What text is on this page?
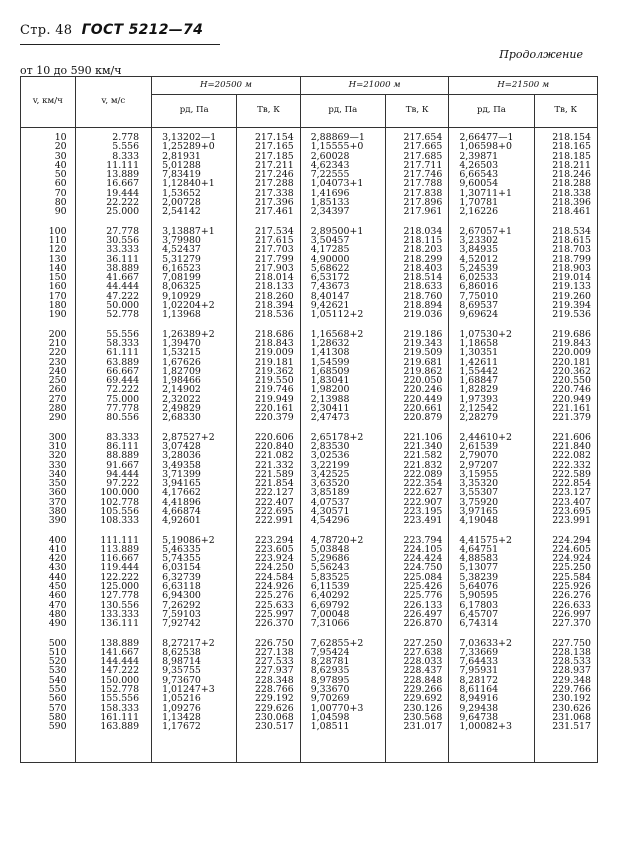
Стр. 48 ГОСТ 5212—74
Продолжение
от 10 до 590 км/ч
v, км/ч	v, м/с	H=20500 м		H=21000 м		H=21500 м	
		pд, Па	Tв, К	pд, Па	Tв, К	pд, Па	Tв, К
10	2.778	3,13202—1	217.154	2,88869—1	217.654	2,66477—1	218.154
20	5.556	1,25289+0	217.165	1,15555+0	217.665	1,06598+0	218.165
30	8.333	2,81931	217.185	2,60028	217.685	2,39871	218.185
40	11.111	5,01288	217.211	4,62343	217.711	4,26503	218.211
50	13.889	7,83419	217.246	7,22555	217.746	6,66543	218.246
60	16.667	1,12840+1	217.288	1,04073+1	217.788	9,60054	218.288
70	19.444	1,53652	217.338	1,41696	217.838	1,30711+1	218.338
80	22.222	2,00728	217.396	1,85133	217.896	1,70781	218.396
90	25.000	2,54142	217.461	2,34397	217.961	2,16226	218.461
100	27.778	3,13887+1	217.534	2,89500+1	218.034	2,67057+1	218.534
110	30.556	3,79980	217.615	3,50457	218.115	3,23302	218.615
120	33.333	4,52437	217.703	4,17285	218.203	3,84935	218.703
130	36.111	5,31279	217.799	4,90000	218.299	4,52012	218.799
140	38.889	6,16523	217.903	5,68622	218.403	5,24539	218.903
150	41.667	7,08199	218.014	6,53172	218.514	6,02533	219.014
160	44.444	8,06325	218.133	7,43673	218.633	6,86016	219.133
170	47.222	9,10929	218.260	8,40147	218.760	7,75010	219.260
180	50.000	1,02204+2	218.394	9,42621	218.894	8,69537	219.394
190	52.778	1,13968	218.536	1,05112+2	219.036	9,69624	219.536
200	55.556	1,26389+2	218.686	1,16568+2	219.186	1,07530+2	219.686
210	58.333	1,39470	218.843	1,28632	219.343	1,18658	219.843
220	61.111	1,53215	219.009	1,41308	219.509	1,30351	220.009
230	63.889	1,67626	219.181	1,54599	219.681	1,42611	220.181
240	66.667	1,82709	219.362	1,68509	219.862	1,55442	220.362
250	69.444	1,98466	219.550	1,83041	220.050	1,68847	220.550
260	72.222	2,14902	219.746	1,98200	220.246	1,82829	220.746
270	75.000	2,32022	219.949	2,13988	220.449	1,97393	220.949
280	77.778	2,49829	220.161	2,30411	220.661	2,12542	221.161
290	80.556	2,68330	220.379	2,47473	220.879	2,28279	221.379
300	83.333	2,87527+2	220.606	2,65178+2	221.106	2,44610+2	221.606
310	86.111	3,07428	220.840	2,83530	221.340	2,61539	221.840
320	88.889	3,28036	221.082	3,02536	221.582	2,79070	222.082
330	91.667	3,49358	221.332	3,22199	221.832	2,97207	222.332
340	94.444	3,71399	221.589	3,42525	222.089	3,15955	222.589
350	97.222	3,94165	221.854	3,63520	222.354	3,35320	222.854
360	100.000	4,17662	222.127	3,85189	222.627	3,55307	223.127
370	102.778	4,41896	222.407	4,07537	222.907	3,75920	223.407
380	105.556	4,66874	222.695	4,30571	223.195	3,97165	223.695
390	108.333	4,92601	222.991	4,54296	223.491	4,19048	223.991
400	111.111	5,19086+2	223.294	4,78720+2	223.794	4,41575+2	224.294
410	113.889	5,46335	223.605	5,03848	224.105	4,64751	224.605
420	116.667	5,74355	223.924	5,29686	224.424	4,88583	224.924
430	119.444	6,03154	224.250	5,56243	224.750	5,13077	225.250
440	122.222	6,32739	224.584	5,83525	225.084	5,38239	225.584
450	125.000	6,63118	224.926	6,11539	225.426	5,64076	225.926
460	127.778	6,94300	225.276	6,40292	225.776	5,90595	226.276
470	130.556	7,26292	225.633	6,69792	226.133	6,17803	226.633
480	133.333	7,59103	225.997	7,00048	226.497	6,45707	226.997
490	136.111	7,92742	226.370	7,31066	226.870	6,74314	227.370
500	138.889	8,27217+2	226.750	7,62855+2	227.250	7,03633+2	227.750
510	141.667	8,62538	227.138	7,95424	227.638	7,33669	228.138
520	144.444	8,98714	227.533	8,28781	228.033	7,64433	228.533
530	147.222	9,35755	227.937	8,62935	228.437	7,95931	228.937
540	150.000	9,73670	228.348	8,97895	228.848	8,28172	229.348
550	152.778	1,01247+3	228.766	9,33670	229.266	8,61164	229.766
560	155.556	1,05216	229.192	9,70269	229.692	8,94916	230.192
570	158.333	1,09276	229.626	1,00770+3	230.126	9,29438	230.626
580	161.111	1,13428	230.068	1,04598	230.568	9,64738	231.068
590	163.889	1,17672	230.517	1,08511	231.017	1,00082+3	231.517
